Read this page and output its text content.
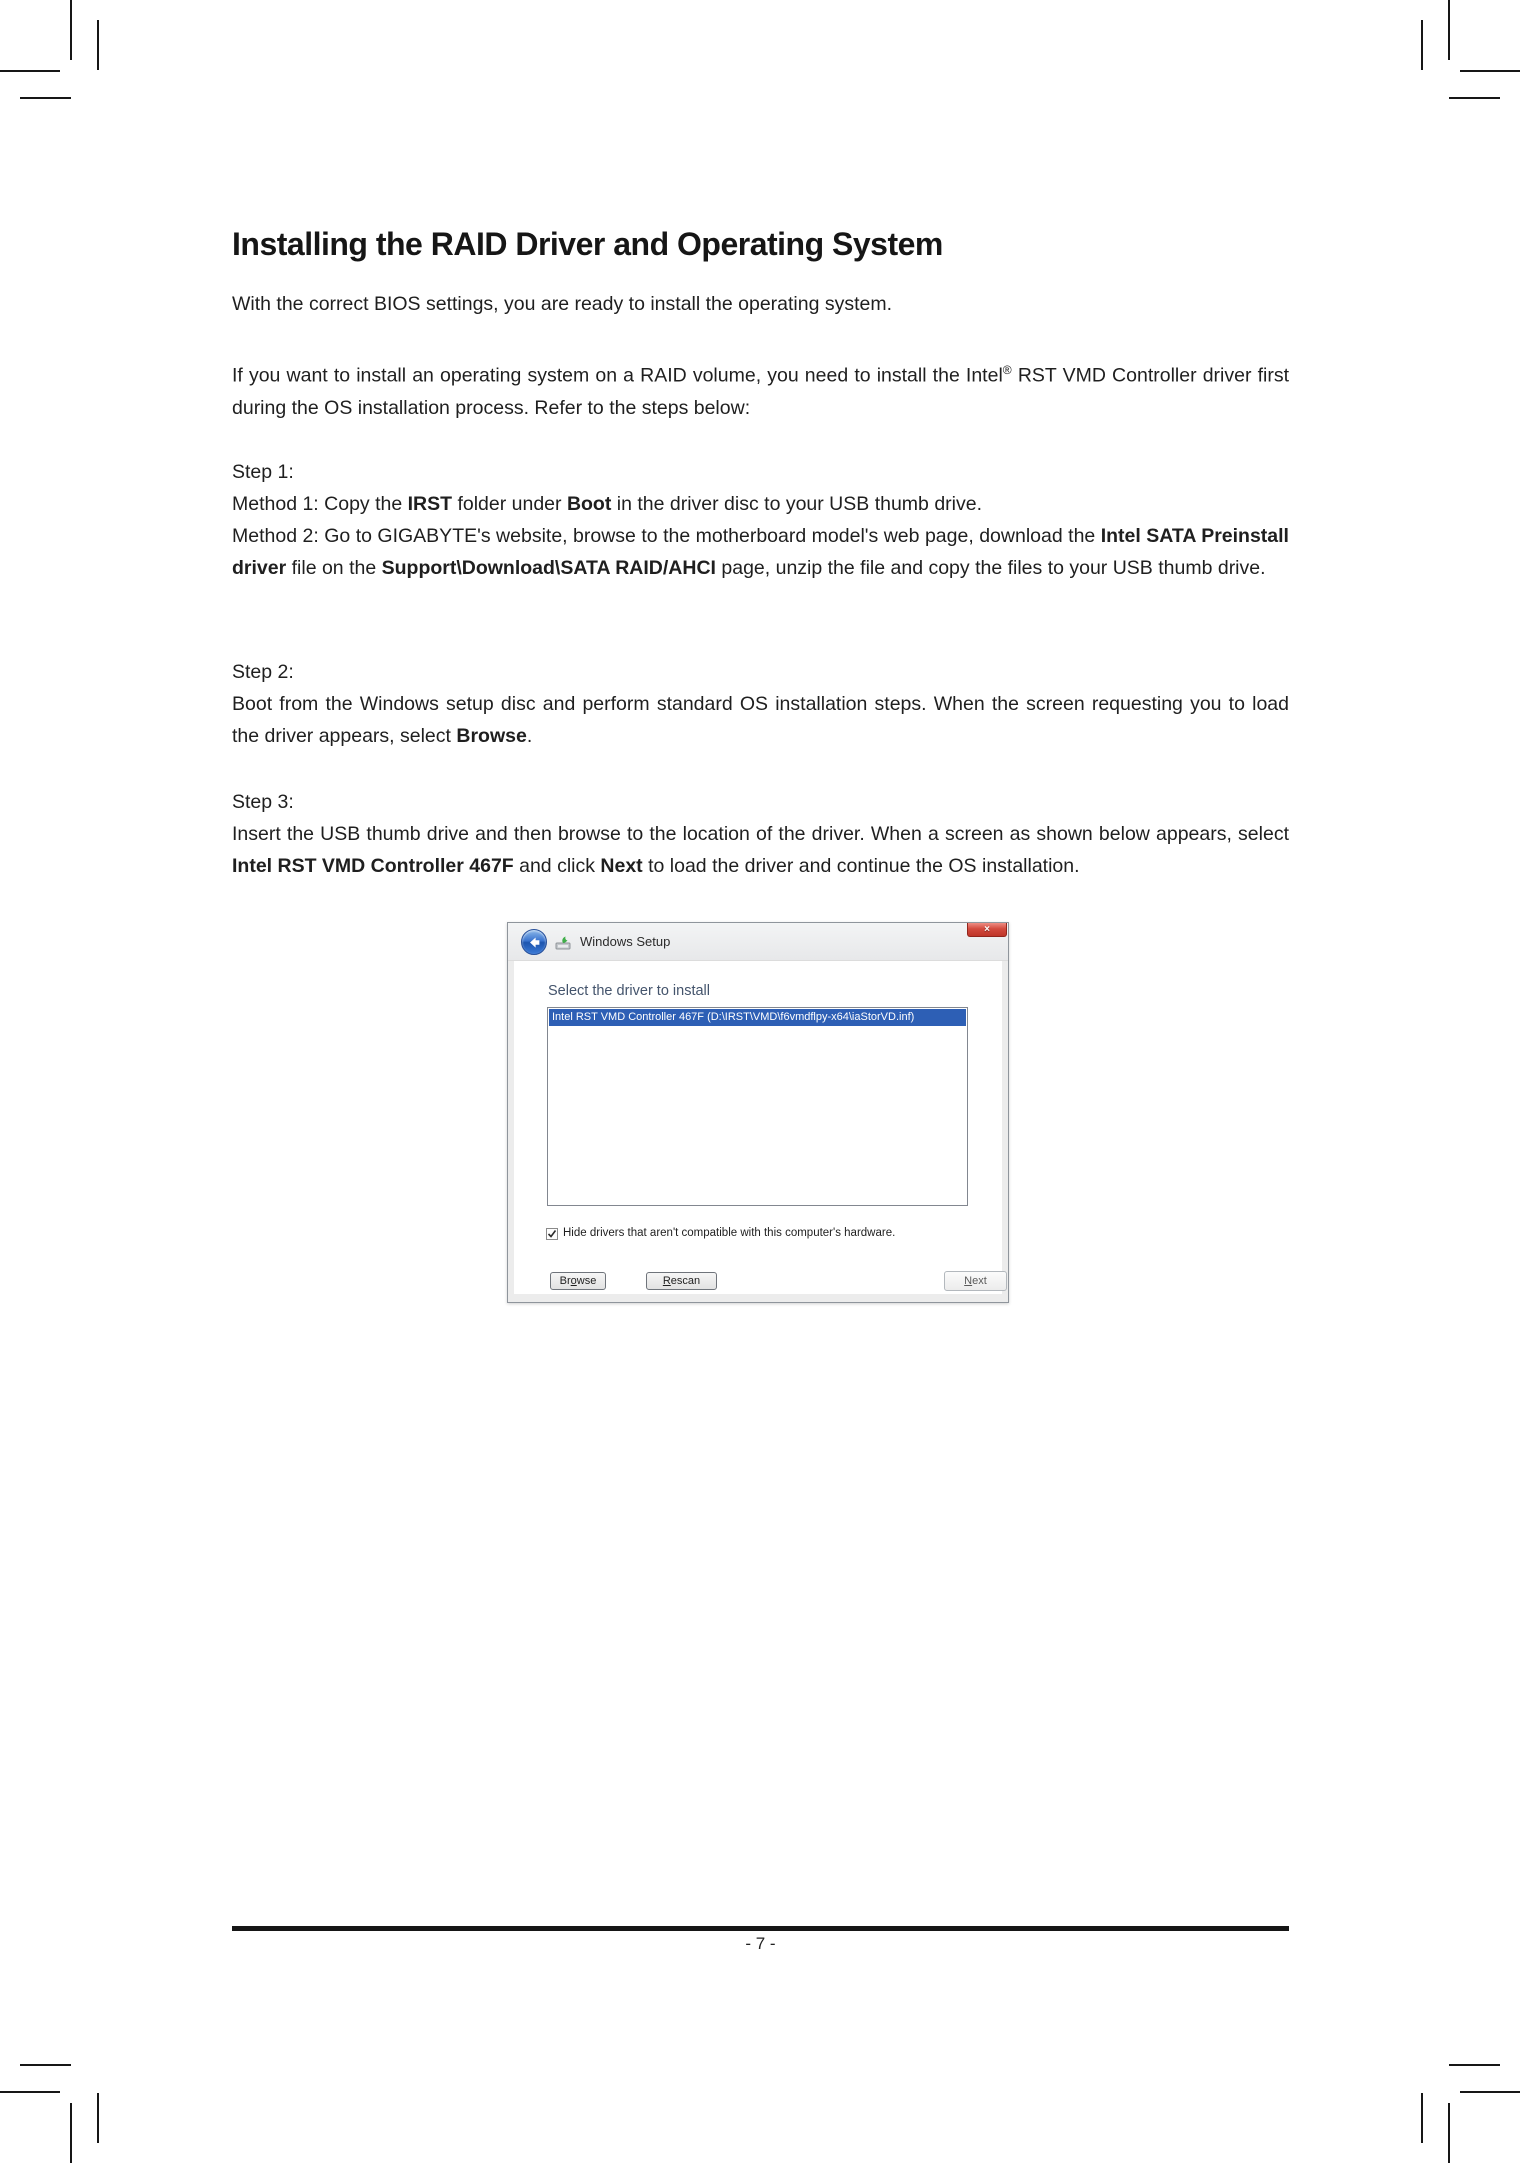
Installing the RAID Driver and Operating System

With the correct BIOS settings, you are ready to install the operating system.

If you want to install an operating system on a RAID volume, you need to install the Intel® RST VMD Controller driver first during the OS installation process. Refer to the steps below:

Step 1:

Method 1: Copy the IRST folder under Boot in the driver disc to your USB thumb drive.

Method 2: Go to GIGABYTE's website, browse to the motherboard model's web page, download the Intel SATA Preinstall driver file on the Support\Download\SATA RAID/AHCI page, unzip the file and copy the files to your USB thumb drive.

Step 2:

Boot from the Windows setup disc and perform standard OS installation steps. When the screen requesting you to load the driver appears, select Browse.

Step 3:

Insert the USB thumb drive and then browse to the location of the driver. When a screen as shown below appears, select Intel RST VMD Controller 467F and click Next to load the driver and continue the OS installation.

Windows Setup
×
Select the driver to install
Intel RST VMD Controller 467F (D:\IRST\VMD\f6vmdflpy-x64\iaStorVD.inf)
Hide drivers that aren't compatible with this computer's hardware.
Browse	Rescan	Next
- 7 -
